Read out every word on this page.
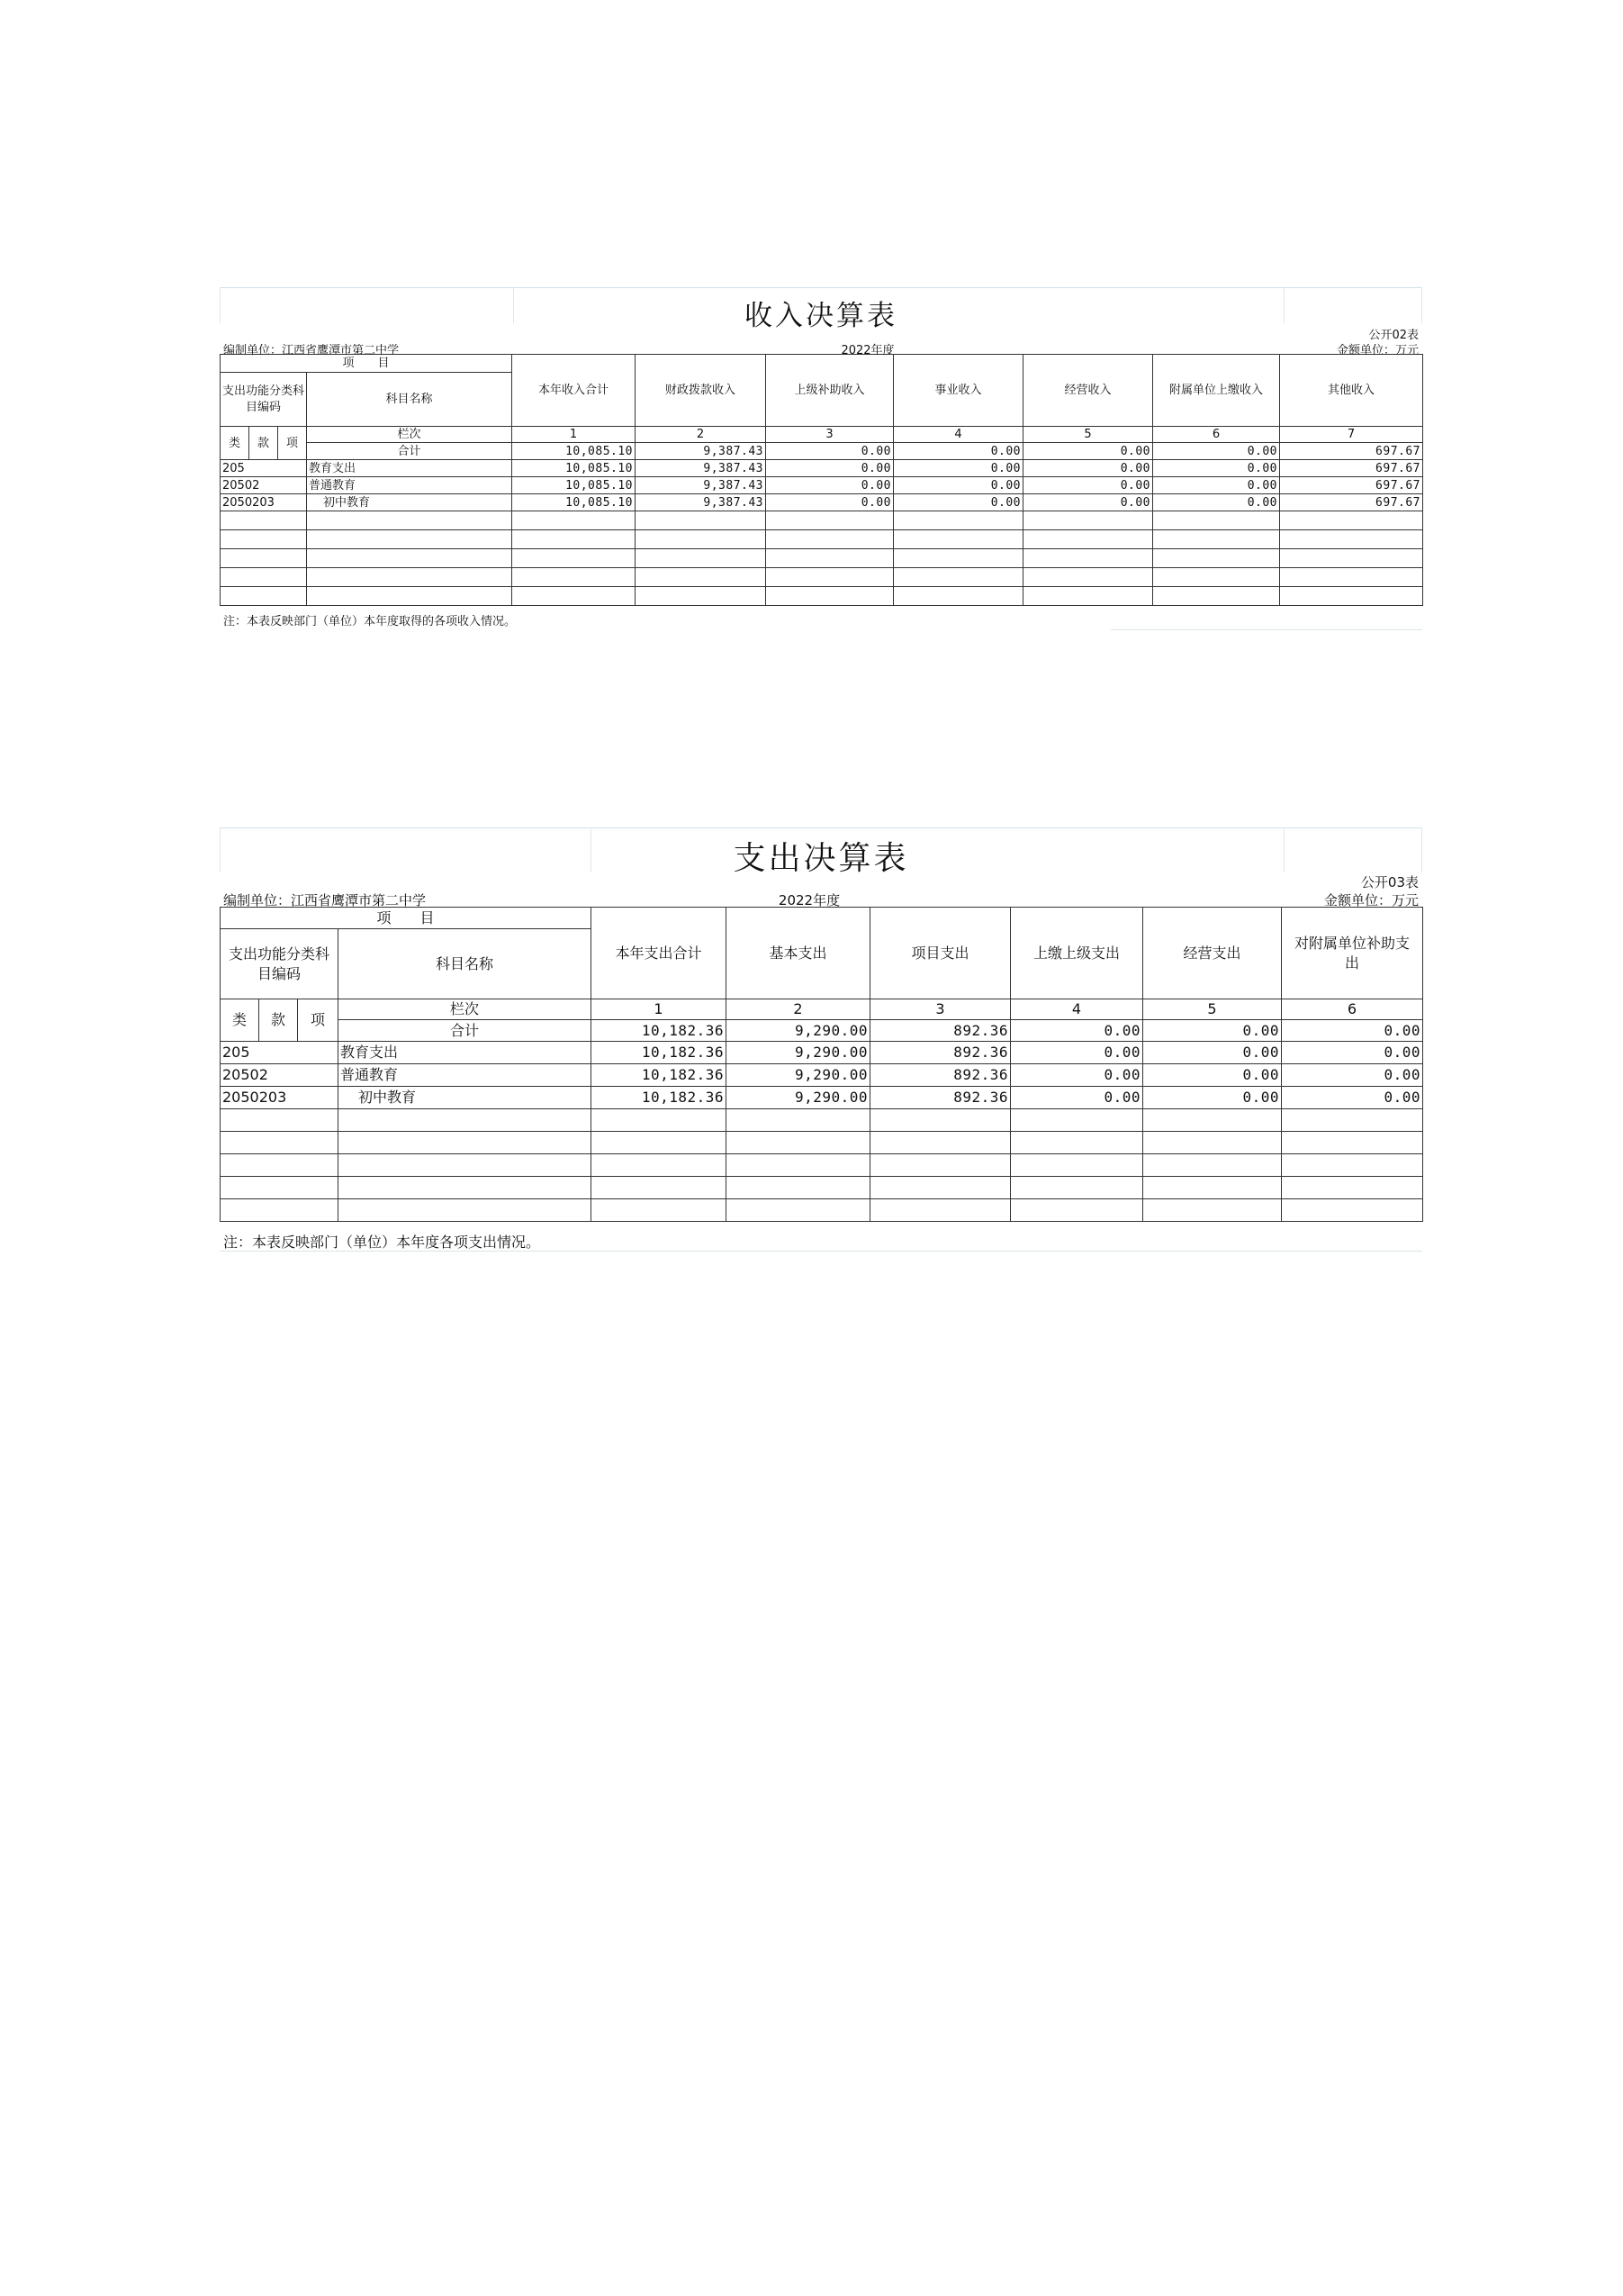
收入决算表
公开02表
编制单位：江西省鹰潭市第二中学	2022年度	金额单位：万元
项　　目				本年收入合计	财政拨款收入	上级补助收入	事业收入	经营收入	附属单位上缴收入	其他收入
支出功能分类科目编码			科目名称							
类	款	项	栏次	1	2	3	4	5	6	7
			合计	10,085.10	9,387.43	0.00	0.00	0.00	0.00	697.67
205			教育支出	10,085.10	9,387.43	0.00	0.00	0.00	0.00	697.67
20502			普通教育	10,085.10	9,387.43	0.00	0.00	0.00	0.00	697.67
2050203			初中教育	10,085.10	9,387.43	0.00	0.00	0.00	0.00	697.67

注：本表反映部门（单位）本年度取得的各项收入情况。
支出决算表
公开03表
编制单位：江西省鹰潭市第二中学	2022年度	金额单位：万元
项　　目				本年支出合计	基本支出	项目支出	上缴上级支出	经营支出	对附属单位补助支出
支出功能分类科目编码			科目名称						
类	款	项	栏次	1	2	3	4	5	6
			合计	10,182.36	9,290.00	892.36	0.00	0.00	0.00
205			教育支出	10,182.36	9,290.00	892.36	0.00	0.00	0.00
20502			普通教育	10,182.36	9,290.00	892.36	0.00	0.00	0.00
2050203			初中教育	10,182.36	9,290.00	892.36	0.00	0.00	0.00

注：本表反映部门（单位）本年度各项支出情况。
